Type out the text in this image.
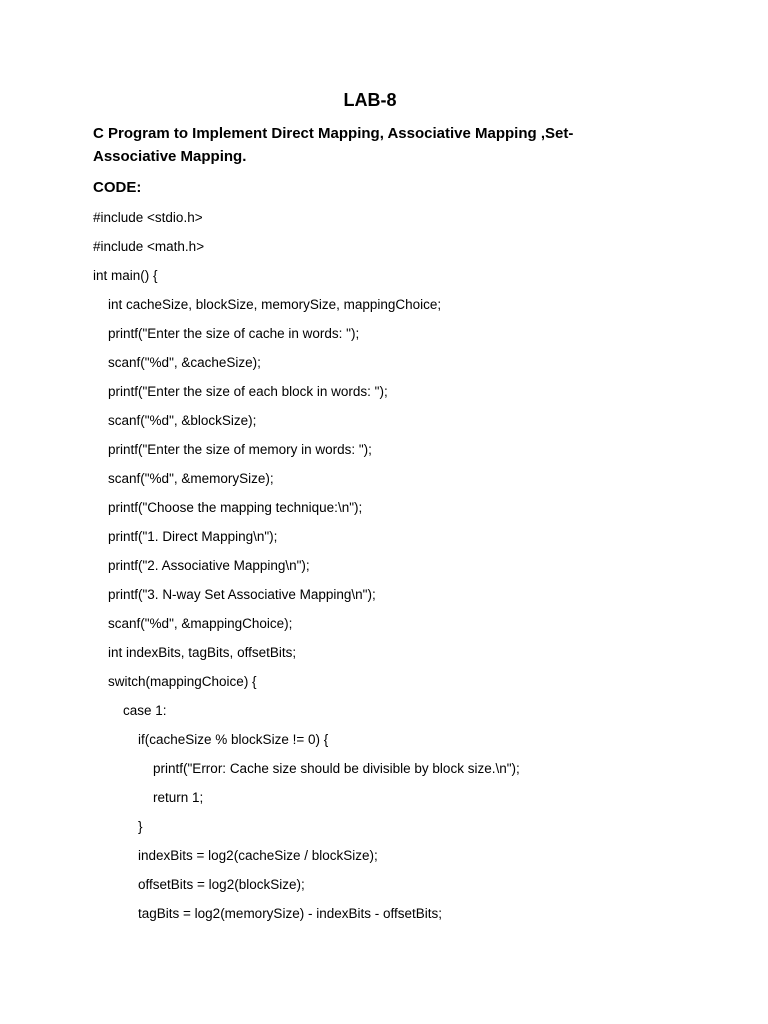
LAB-8
C Program to Implement Direct Mapping, Associative Mapping ,Set-
Associative Mapping.
CODE:
#include <stdio.h>
#include <math.h>
int main() {
int cacheSize, blockSize, memorySize, mappingChoice;
printf("Enter the size of cache in words: ");
scanf("%d", &cacheSize);
printf("Enter the size of each block in words: ");
scanf("%d", &blockSize);
printf("Enter the size of memory in words: ");
scanf("%d", &memorySize);
printf("Choose the mapping technique:\n");
printf("1. Direct Mapping\n");
printf("2. Associative Mapping\n");
printf("3. N-way Set Associative Mapping\n");
scanf("%d", &mappingChoice);
int indexBits, tagBits, offsetBits;
switch(mappingChoice) {
case 1:
if(cacheSize % blockSize != 0) {
printf("Error: Cache size should be divisible by block size.\n");
return 1;
}
indexBits = log2(cacheSize / blockSize);
offsetBits = log2(blockSize);
tagBits = log2(memorySize) - indexBits - offsetBits;
